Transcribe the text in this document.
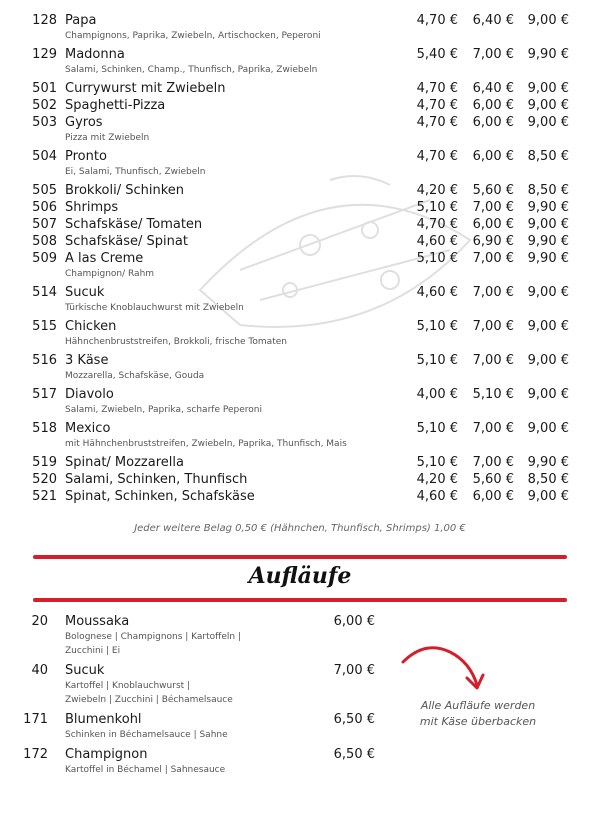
128 Papa	4,70 €	6,40 €	9,00 €
Champignons, Paprika, Zwiebeln, Artischocken, Peperoni
129 Madonna	5,40 €	7,00 €	9,90 €
Salami, Schinken, Champ., Thunfisch, Paprika, Zwiebeln
501 Currywurst mit Zwiebeln	4,70 €	6,40 €	9,00 €
502 Spaghetti-Pizza	4,70 €	6,00 €	9,00 €
503 Gyros	4,70 €	6,00 €	9,00 €
Pizza mit Zwiebeln
504 Pronto	4,70 €	6,00 €	8,50 €
Ei, Salami, Thunfisch, Zwiebeln
505 Brokkoli/ Schinken	4,20 €	5,60 €	8,50 €
506 Shrimps	5,10 €	7,00 €	9,90 €
507 Schafskäse/ Tomaten	4,70 €	6,00 €	9,00 €
508 Schafskäse/ Spinat	4,60 €	6,90 €	9,90 €
509 A las Creme	5,10 €	7,00 €	9,90 €
Champignon/ Rahm
514 Sucuk	4,60 €	7,00 €	9,00 €
Türkische Knoblauchwurst mit Zwiebeln
515 Chicken	5,10 €	7,00 €	9,00 €
Hähnchenbruststreifen, Brokkoli, frische Tomaten
516 3 Käse	5,10 €	7,00 €	9,00 €
Mozzarella, Schafskäse, Gouda
517 Diavolo	4,00 €	5,10 €	9,00 €
Salami, Zwiebeln, Paprika, scharfe Peperoni
518 Mexico	5,10 €	7,00 €	9,00 €
mit Hähnchenbruststreifen, Zwiebeln, Paprika, Thunfisch, Mais
519 Spinat/ Mozzarella	5,10 €	7,00 €	9,90 €
520 Salami, Schinken, Thunfisch	4,20 €	5,60 €	8,50 €
521 Spinat, Schinken, Schafskäse	4,60 €	6,00 €	9,00 €
Jeder weitere Belag 0,50 € (Hähnchen, Thunfisch, Shrimps) 1,00 €
Aufläufe
20 Moussaka	6,00 €
Bolognese | Champignons | Kartoffeln |
Zucchini | Ei
40 Sucuk	7,00 €
Kartoffel | Knoblauchwurst |
Zwiebeln | Zucchini | Béchamelsauce
171 Blumenkohl	6,50 €
Schinken in Béchamelsauce | Sahne
172 Champignon	6,50 €
Kartoffel in Béchamel | Sahnesauce
Alle Aufläufe werden
mit Käse überbacken
